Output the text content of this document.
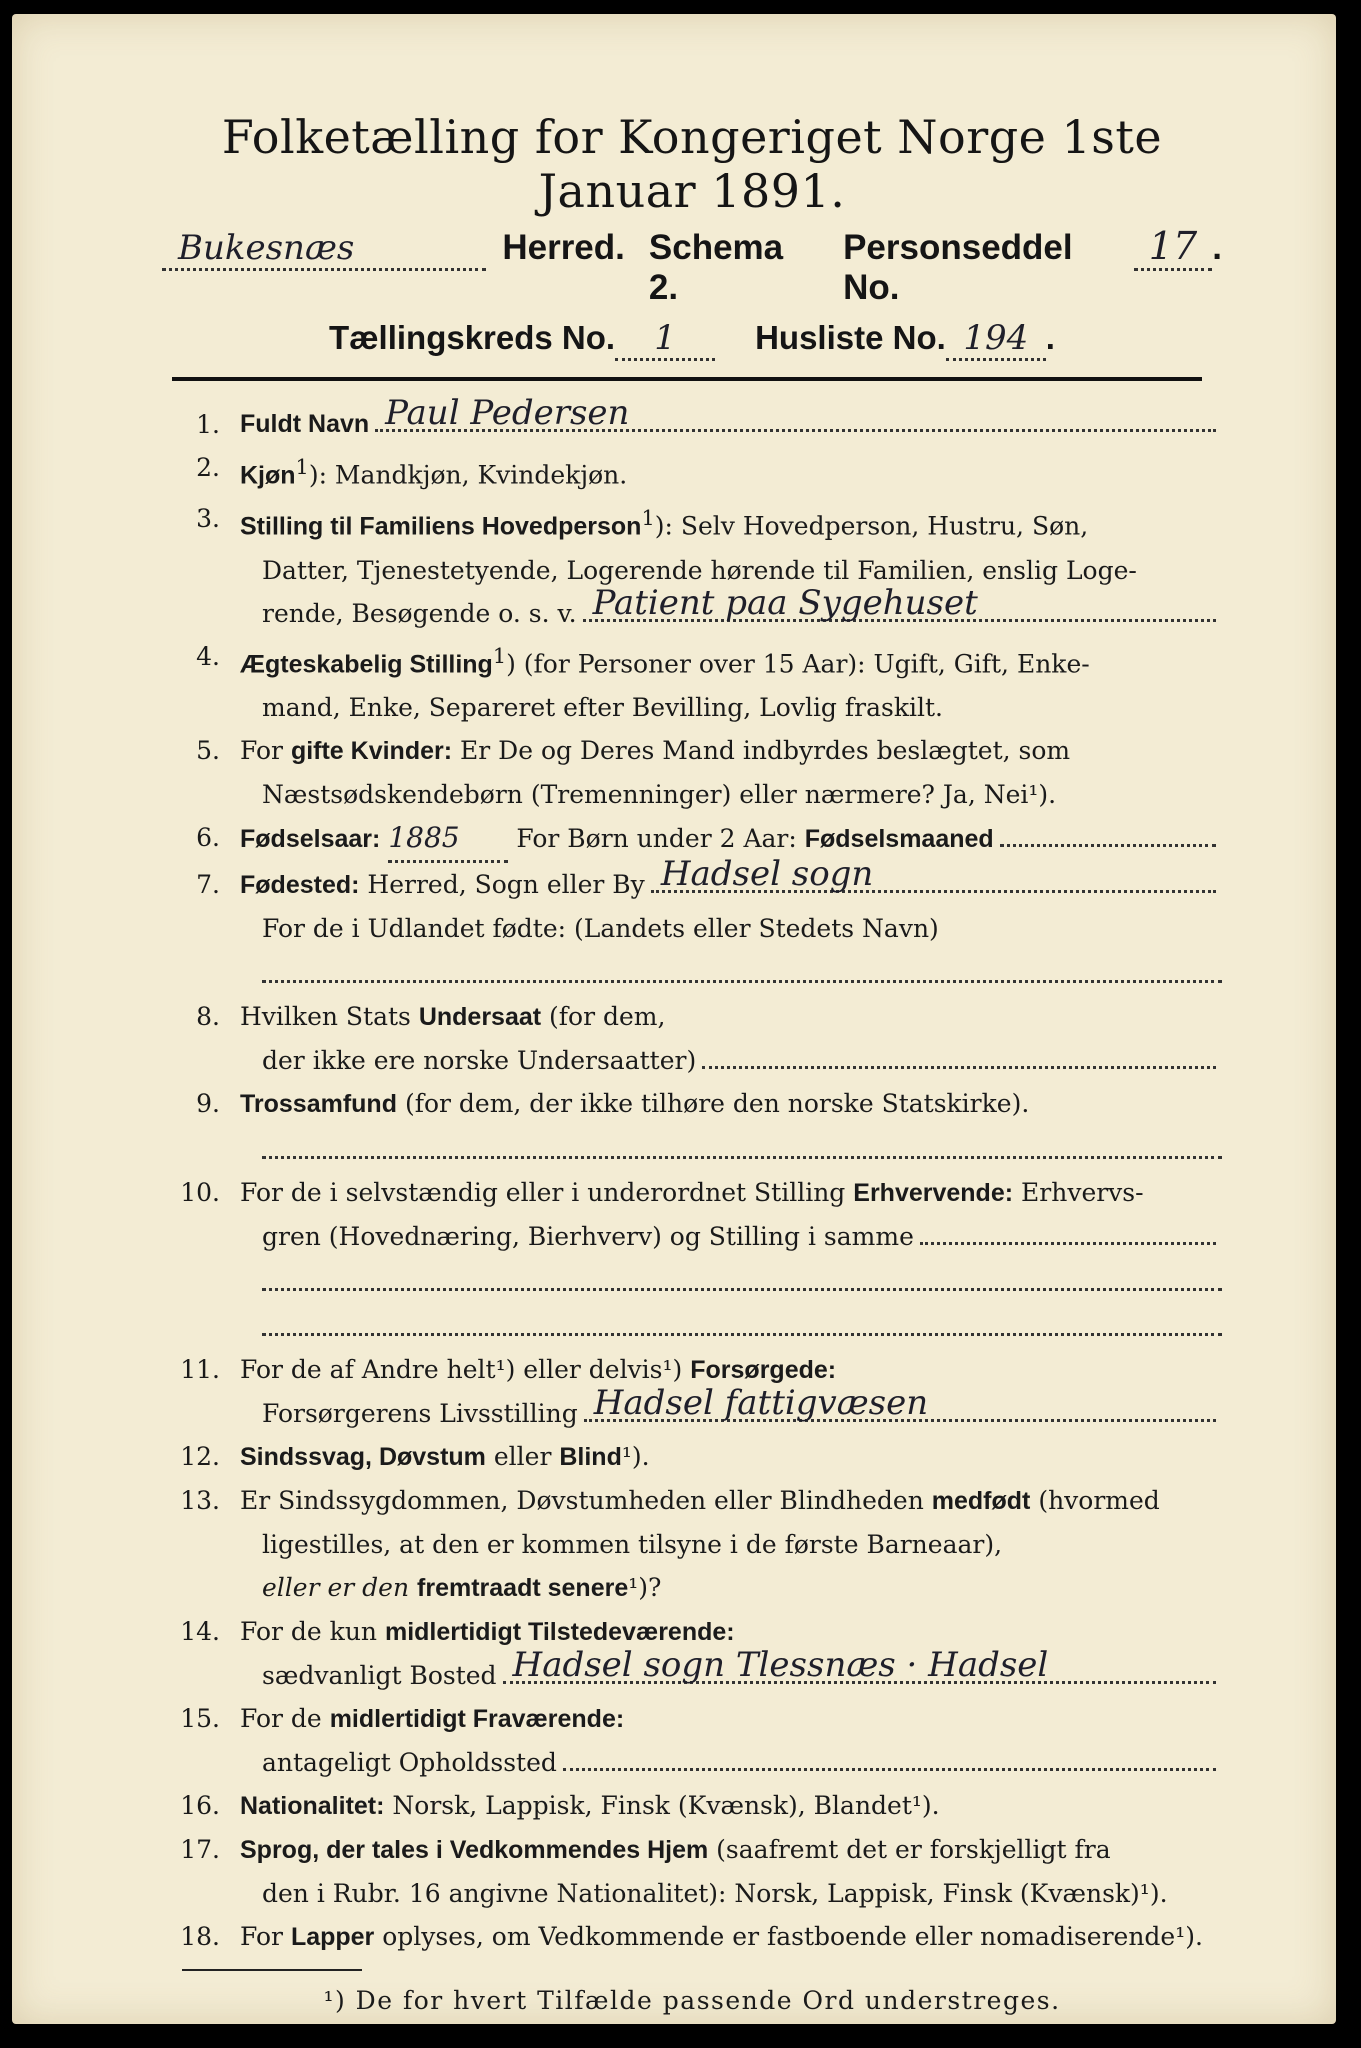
Folketælling for Kongeriget Norge 1ste Januar 1891.
Bukesnæs	Herred. Schema 2.
Personseddel No.
17 .
Tællingskreds No. 1	Husliste No. 194 .
1. Fuldt Navn Paul Pedersen
2. Kjøn$^1$): Mandkjøn, Kvindekjøn.
3. Stilling til Familiens Hovedperson$^1$): Selv Hovedperson, Hustru, Søn,
Datter, Tjenestetyende, Logerende hørende til Familien, enslig Loge-
rende, Besøgende o. s. v. Patient paa Sygehuset
4. Ægteskabelig Stilling$^1$) (for Personer over 15 Aar): Ugift, Gift, Enke-
mand, Enke, Separeret efter Bevilling, Lovlig fraskilt.
5. For gifte Kvinder: Er De og Deres Mand indbyrdes beslægtet, som
Næstsødskendebørn (Tremenninger) eller nærmere? Ja, Nei¹).
6. Fødselsaar: 1885	For Børn under 2 Aar:
Fødselsmaaned
7. Fødested:
Herred, Sogn eller By Hadsel sogn
For de i Udlandet fødte: (Landets eller Stedets Navn)
8. Hvilken Stats Undersaat (for dem,
der ikke ere norske Undersaatter)
9. Trossamfund (for dem, der ikke tilhøre den norske Statskirke).
10. For de i selvstændig eller i underordnet Stilling Erhvervende: Erhvervs-
gren (Hovednæring, Bierhverv) og Stilling i samme
11. For de af Andre helt¹) eller delvis¹) Forsørgede:
Forsørgerens Livsstilling Hadsel fattigvæsen
12. Sindssvag, Døvstum eller Blind¹).
13. Er Sindssygdommen, Døvstumheden eller Blindheden medfødt (hvormed
ligestilles, at den er kommen tilsyne i de første Barneaar),
eller er den fremtraadt senere¹)?
14. For de kun midlertidigt Tilstedeværende:
sædvanligt Bosted Hadsel sogn Tlessnæs · Hadsel
15. For de midlertidigt Fraværende:
antageligt Opholdssted
16. Nationalitet: Norsk, Lappisk, Finsk (Kvænsk), Blandet¹).
17. Sprog, der tales i Vedkommendes Hjem (saafremt det er forskjelligt fra
den i Rubr. 16 angivne Nationalitet): Norsk, Lappisk, Finsk (Kvænsk)¹).
18. For Lapper oplyses, om Vedkommende er fastboende eller nomadiserende¹).
¹) De for hvert Tilfælde passende Ord understreges.
